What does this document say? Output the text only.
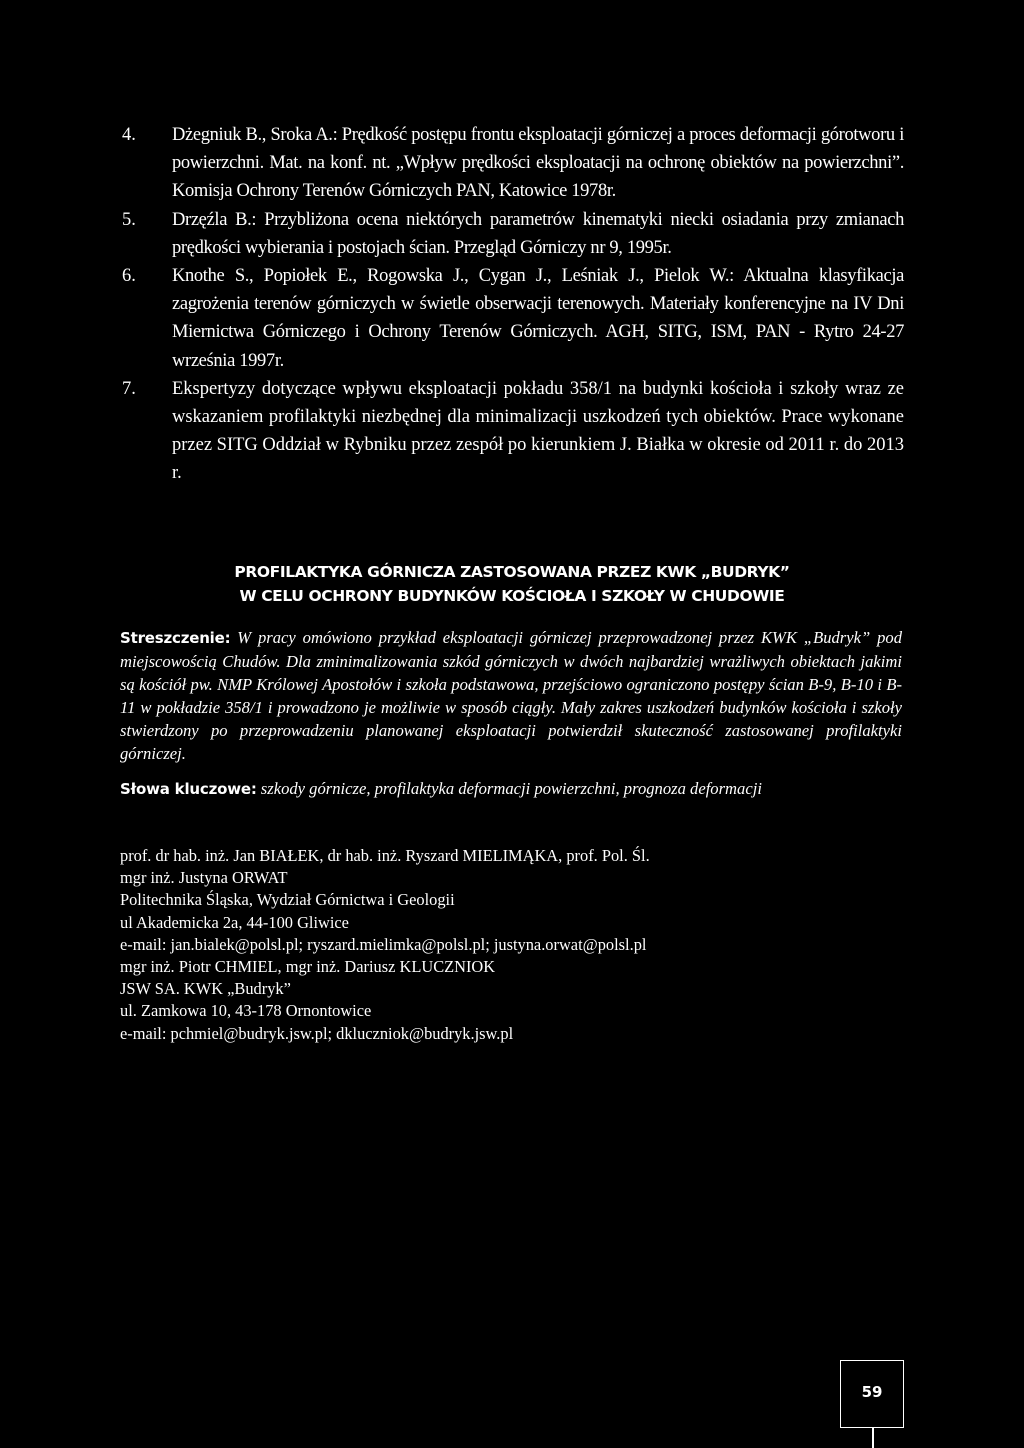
4. Dżegniuk B., Sroka A.: Prędkość postępu frontu eksploatacji górniczej a proces deformacji górotworu i powierzchni. Mat. na konf. nt. „Wpływ prędkości eksploatacji na ochronę obiektów na powierzchni”. Komisja Ochrony Terenów Górniczych PAN, Katowice 1978r.
5. Drzęźla B.: Przybliżona ocena niektórych parametrów kinematyki niecki osiadania przy zmianach prędkości wybierania i postojach ścian. Przegląd Górniczy nr 9, 1995r.
6. Knothe S., Popiołek E., Rogowska J., Cygan J., Leśniak J., Pielok W.: Aktualna klasyfikacja zagrożenia terenów górniczych w świetle obserwacji terenowych. Materiały konferencyjne na IV Dni Miernictwa Górniczego i Ochrony Terenów Górniczych. AGH, SITG, ISM, PAN - Rytro 24-27 września 1997r.
7. Ekspertyzy dotyczące wpływu eksploatacji pokładu 358/1 na budynki kościoła i szkoły wraz ze wskazaniem profilaktyki niezbędnej dla minimalizacji uszkodzeń tych obiektów. Prace wykonane przez SITG Oddział w Rybniku przez zespół po kierunkiem J. Białka w okresie od 2011 r. do 2013 r.
PROFILAKTYKA GÓRNICZA ZASTOSOWANA PRZEZ KWK „BUDRYK”
W CELU OCHRONY BUDYNKÓW KOŚCIOŁA I SZKOŁY W CHUDOWIE

Streszczenie: W pracy omówiono przykład eksploatacji górniczej przeprowadzonej przez KWK „Budryk” pod miejscowością Chudów. Dla zminimalizowania szkód górniczych w dwóch najbardziej wrażliwych obiektach jakimi są kościół pw. NMP Królowej Apostołów i szkoła podstawowa, przejściowo ograniczono postępy ścian B-9, B-10 i B-11 w pokładzie 358/1 i prowadzono je możliwie w sposób ciągły. Mały zakres uszkodzeń budynków kościoła i szkoły stwierdzony po przeprowadzeniu planowanej eksploatacji potwierdził skuteczność zastosowanej profilaktyki górniczej.

Słowa kluczowe: szkody górnicze, profilaktyka deformacji powierzchni, prognoza deformacji

prof. dr hab. inż. Jan BIAŁEK, dr hab. inż. Ryszard MIELIMĄKA, prof. Pol. Śl.
mgr inż. Justyna ORWAT
Politechnika Śląska, Wydział Górnictwa i Geologii
ul Akademicka 2a, 44-100 Gliwice
e-mail: jan.bialek@polsl.pl; ryszard.mielimka@polsl.pl; justyna.orwat@polsl.pl
mgr inż. Piotr CHMIEL, mgr inż. Dariusz KLUCZNIOK
JSW SA. KWK „Budryk”
ul. Zamkowa 10, 43-178 Ornontowice
e-mail: pchmiel@budryk.jsw.pl; dkluczniok@budryk.jsw.pl
59
